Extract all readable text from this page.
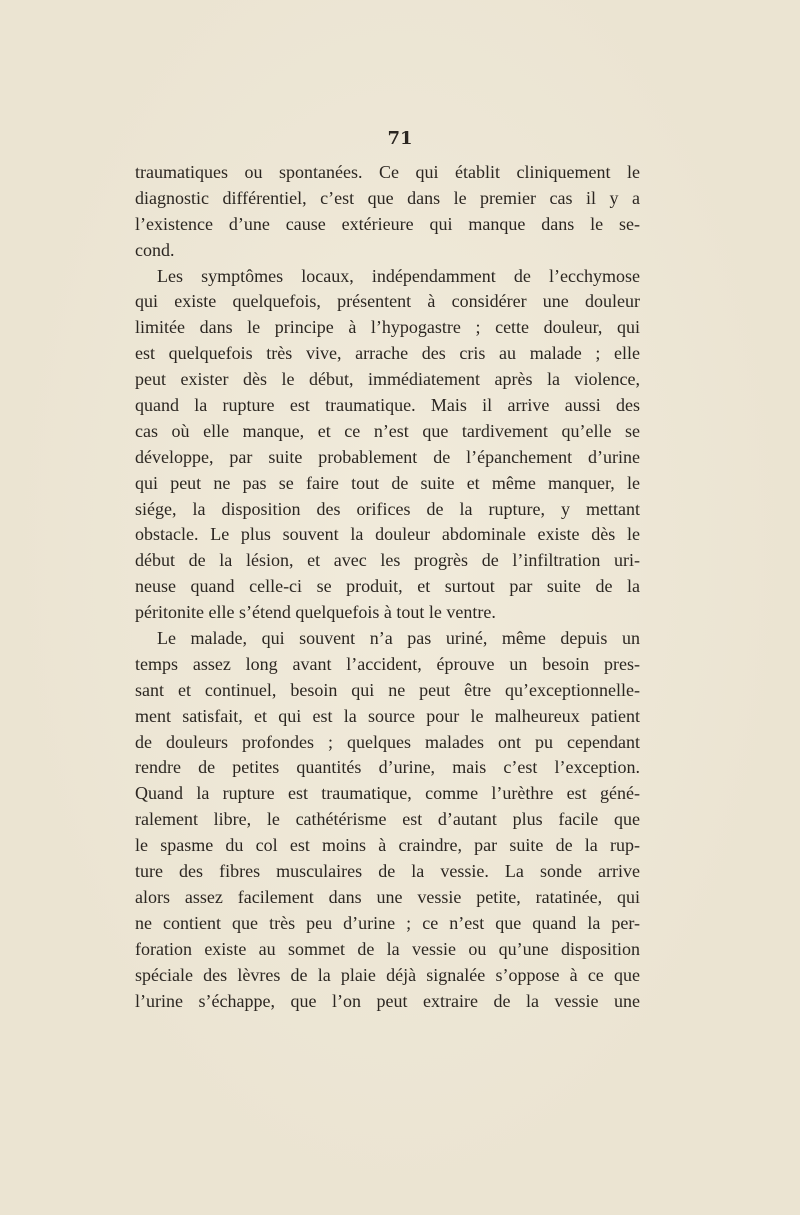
71
traumatiques ou spontanées. Ce qui établit cliniquement le
diagnostic différentiel, c’est que dans le premier cas il y a
l’existence d’une cause extérieure qui manque dans le se-
cond.
Les symptômes locaux, indépendamment de l’ecchymose
qui existe quelquefois, présentent à considérer une douleur
limitée dans le principe à l’hypogastre ; cette douleur, qui
est quelquefois très vive, arrache des cris au malade ; elle
peut exister dès le début, immédiatement après la violence,
quand la rupture est traumatique. Mais il arrive aussi des
cas où elle manque, et ce n’est que tardivement qu’elle se
développe, par suite probablement de l’épanchement d’urine
qui peut ne pas se faire tout de suite et même manquer, le
siége, la disposition des orifices de la rupture, y mettant
obstacle. Le plus souvent la douleur abdominale existe dès le
début de la lésion, et avec les progrès de l’infiltration uri-
neuse quand celle-ci se produit, et surtout par suite de la
péritonite elle s’étend quelquefois à tout le ventre.
Le malade, qui souvent n’a pas uriné, même depuis un
temps assez long avant l’accident, éprouve un besoin pres-
sant et continuel, besoin qui ne peut être qu’exceptionnelle-
ment satisfait, et qui est la source pour le malheureux patient
de douleurs profondes ; quelques malades ont pu cependant
rendre de petites quantités d’urine, mais c’est l’exception.
Quand la rupture est traumatique, comme l’urèthre est géné-
ralement libre, le cathétérisme est d’autant plus facile que
le spasme du col est moins à craindre, par suite de la rup-
ture des fibres musculaires de la vessie. La sonde arrive
alors assez facilement dans une vessie petite, ratatinée, qui
ne contient que très peu d’urine ; ce n’est que quand la per-
foration existe au sommet de la vessie ou qu’une disposition
spéciale des lèvres de la plaie déjà signalée s’oppose à ce que
l’urine s’échappe, que l’on peut extraire de la vessie une
